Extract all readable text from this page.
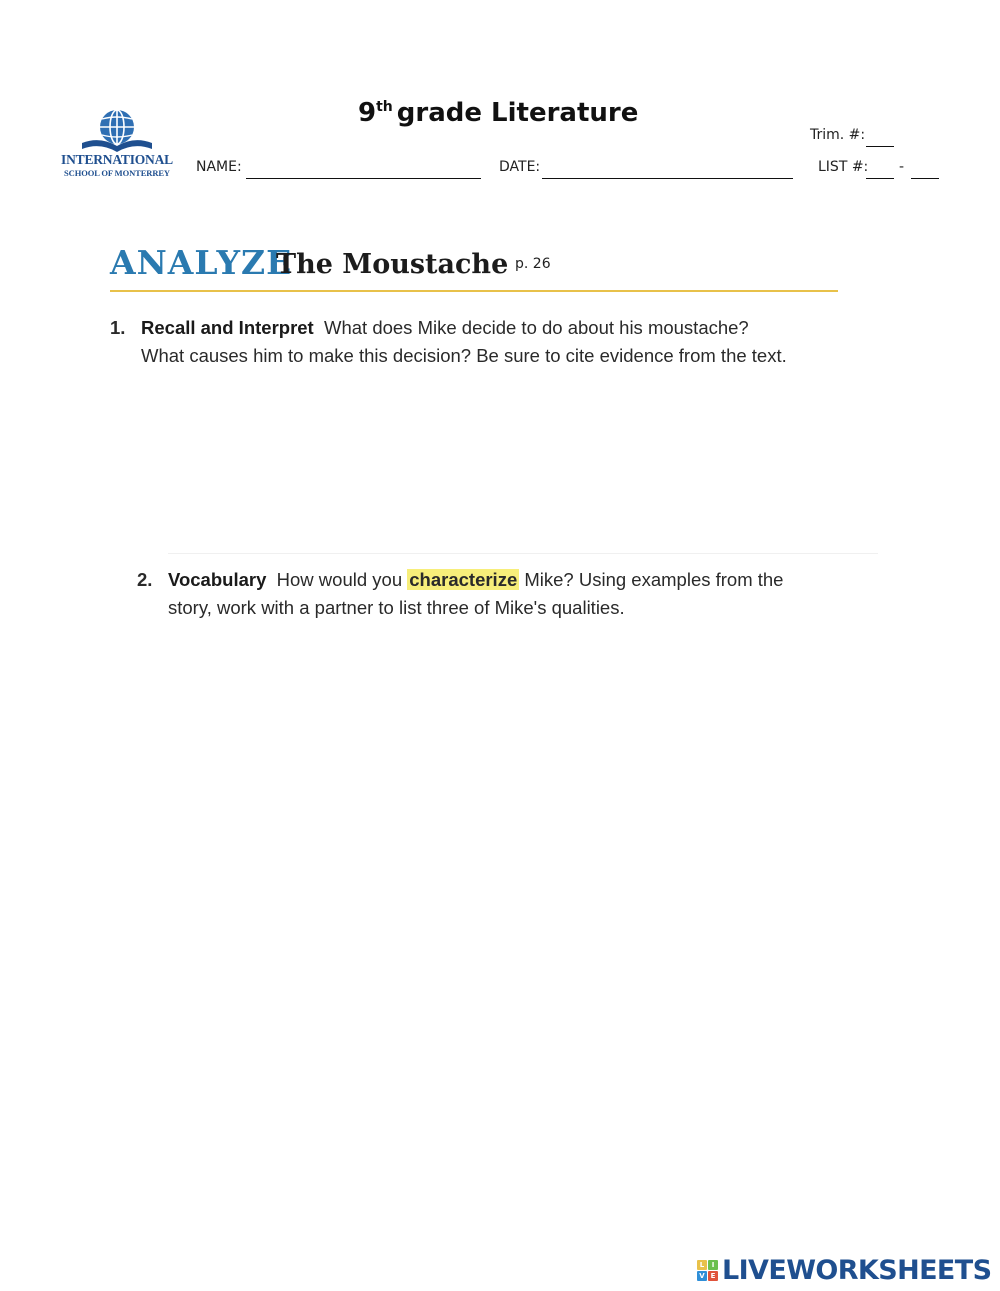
INTERNATIONAL
SCHOOL OF MONTERREY
9th grade Literature
Trim. #:
NAME:	DATE:	LIST #: -
ANALYZE
The Moustache p. 26
1. Recall and Interpret What does Mike decide to do about his moustache?
What causes him to make this decision? Be sure to cite evidence from the text.
2. Vocabulary How would you characterize Mike? Using examples from the
story, work with a partner to list three of Mike's qualities.
L	I
V E LIVEWORKSHEETS
